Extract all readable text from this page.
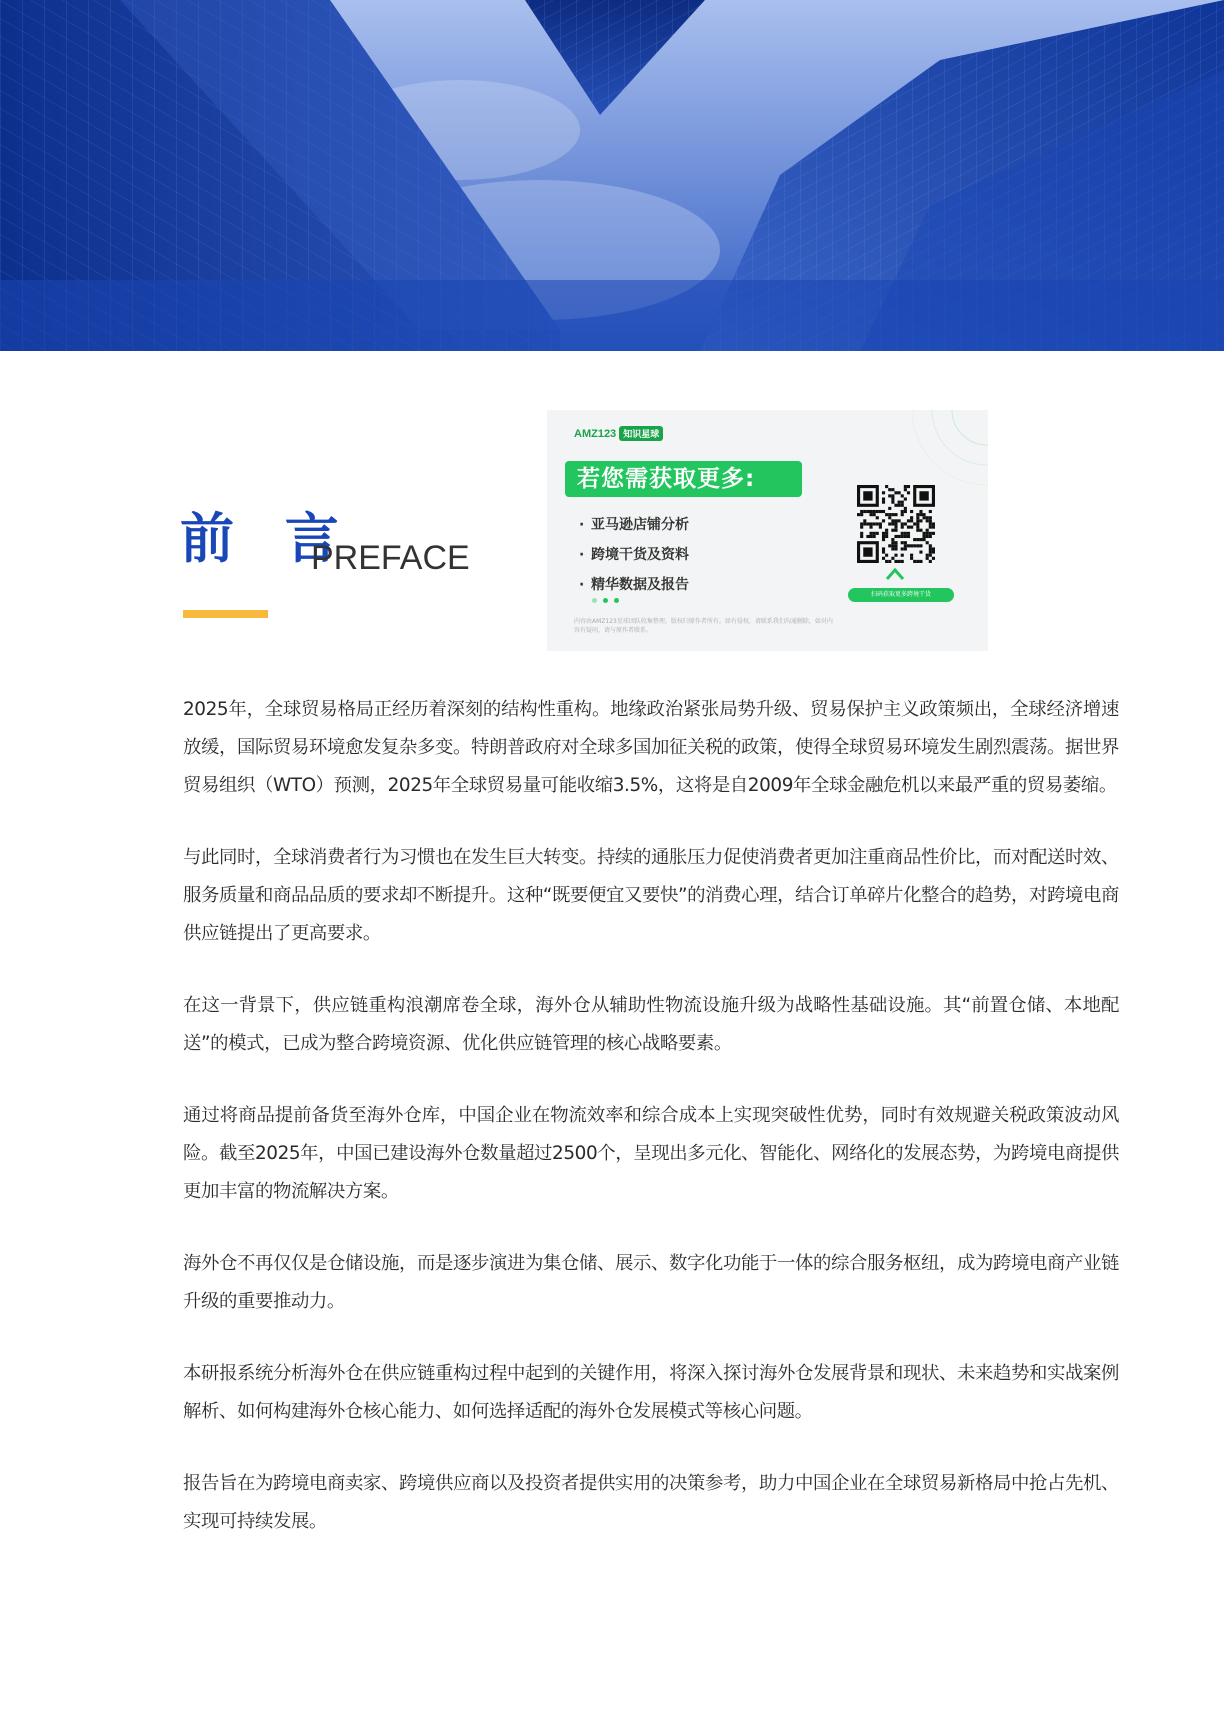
前 言
PREFACE
AMZ123 知识星球
若您需获取更多:
· 亚马逊店铺分析
· 跨境干货及资料
· 精华数据及报告
内容由AMZ123星球团队收集整理，版权归原作者所有。如有侵权，请联系我们沟通删除，如对内容有疑问，请与原作者联系。
扫码获取更多跨境干货

2025年，全球贸易格局正经历着深刻的结构性重构。地缘政治紧张局势升级、贸易保护主义政策频出，全球经济增速放缓，国际贸易环境愈发复杂多变。特朗普政府对全球多国加征关税的政策，使得全球贸易环境发生剧烈震荡。据世界贸易组织（WTO）预测，2025年全球贸易量可能收缩3.5%，这将是自2009年全球金融危机以来最严重的贸易萎缩。

与此同时，全球消费者行为习惯也在发生巨大转变。持续的通胀压力促使消费者更加注重商品性价比，而对配送时效、服务质量和商品品质的要求却不断提升。这种“既要便宜又要快”的消费心理，结合订单碎片化整合的趋势，对跨境电商供应链提出了更高要求。

在这一背景下，供应链重构浪潮席卷全球，海外仓从辅助性物流设施升级为战略性基础设施。其“前置仓储、本地配送”的模式，已成为整合跨境资源、优化供应链管理的核心战略要素。

通过将商品提前备货至海外仓库，中国企业在物流效率和综合成本上实现突破性优势，同时有效规避关税政策波动风险。截至2025年，中国已建设海外仓数量超过2500个，呈现出多元化、智能化、网络化的发展态势，为跨境电商提供更加丰富的物流解决方案。

海外仓不再仅仅是仓储设施，而是逐步演进为集仓储、展示、数字化功能于一体的综合服务枢纽，成为跨境电商产业链升级的重要推动力。

本研报系统分析海外仓在供应链重构过程中起到的关键作用，将深入探讨海外仓发展背景和现状、未来趋势和实战案例解析、如何构建海外仓核心能力、如何选择适配的海外仓发展模式等核心问题。

报告旨在为跨境电商卖家、跨境供应商以及投资者提供实用的决策参考，助力中国企业在全球贸易新格局中抢占先机、实现可持续发展。
